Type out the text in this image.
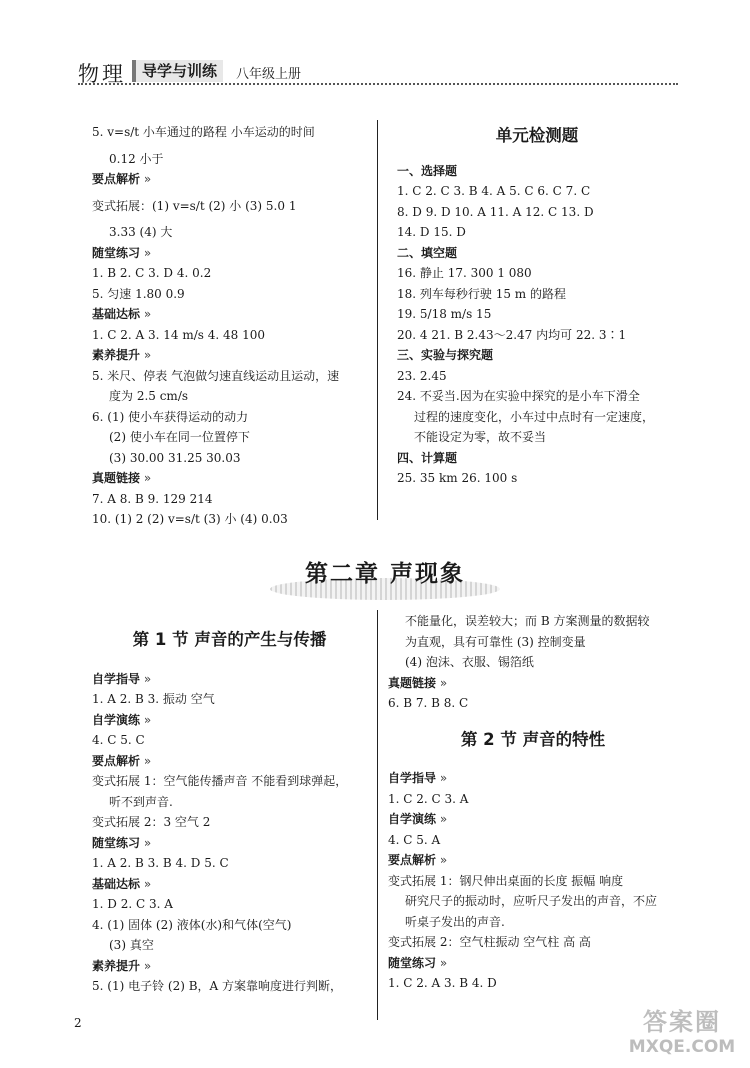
物理	导学与训练	八年级上册
5. v=s/t 小车通过的路程 小车运动的时间
0.12 小于
要点解析 »
变式拓展：(1) v=s/t (2) 小 (3) 5.0 1
3.33 (4) 大
随堂练习 »
1. B 2. C 3. D 4. 0.2
5. 匀速 1.80 0.9
基础达标 »
1. C 2. A 3. 14 m/s 4. 48 100
素养提升 »
5. 米尺、停表 气泡做匀速直线运动且运动，速
度为 2.5 cm/s
6. (1) 使小车获得运动的动力
(2) 使小车在同一位置停下
(3) 30.00 31.25 30.03
真题链接 »
7. A 8. B 9. 129 214
10. (1) 2 (2) v=s/t (3) 小 (4) 0.03
单元检测题
一、选择题
1. C 2. C 3. B 4. A 5. C 6. C 7. C
8. D 9. D 10. A 11. A 12. C 13. D
14. D 15. D
二、填空题
16. 静止 17. 300 1 080
18. 列车每秒行驶 15 m 的路程
19. 5/18 m/s 15
20. 4 21. B 2.43～2.47 内均可 22. 3∶1
三、实验与探究题
23. 2.45
24. 不妥当.因为在实验中探究的是小车下滑全
过程的速度变化，小车过中点时有一定速度，
不能设定为零，故不妥当
四、计算题
25. 35 km 26. 100 s
第二章 声现象
第 1 节 声音的产生与传播
自学指导 »
1. A 2. B 3. 振动 空气
自学演练 »
4. C 5. C
要点解析 »
变式拓展 1：空气能传播声音 不能看到球弹起，
听不到声音.
变式拓展 2：3 空气 2
随堂练习 »
1. A 2. B 3. B 4. D 5. C
基础达标 »
1. D 2. C 3. A
4. (1) 固体 (2) 液体(水)和气体(空气)
(3) 真空
素养提升 »
5. (1) 电子铃 (2) B，A 方案靠响度进行判断，
不能量化，误差较大；而 B 方案测量的数据较
为直观，具有可靠性 (3) 控制变量
(4) 泡沫、衣服、锡箔纸
真题链接 »
6. B 7. B 8. C
第 2 节 声音的特性
自学指导 »
1. C 2. C 3. A
自学演练 »
4. C 5. A
要点解析 »
变式拓展 1：钢尺伸出桌面的长度 振幅 响度
研究尺子的振动时，应听尺子发出的声音，不应
听桌子发出的声音.
变式拓展 2：空气柱振动 空气柱 高 高
随堂练习 »
1. C 2. A 3. B 4. D
2	答案圈
MXQE.COM
